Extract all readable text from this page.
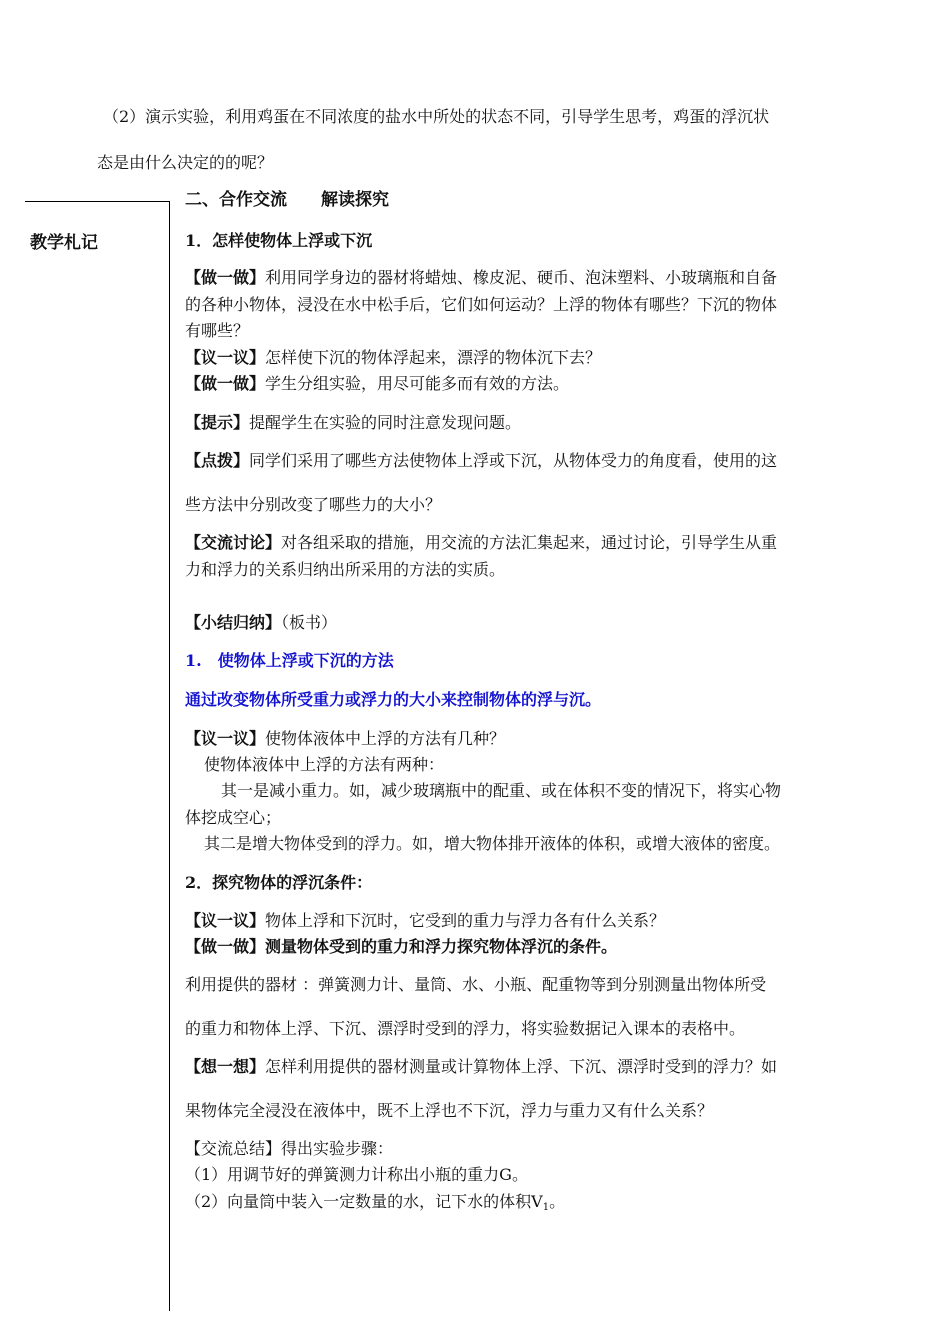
（2）演示实验，利用鸡蛋在不同浓度的盐水中所处的状态不同，引导学生思考，鸡蛋的浮沉状
态是由什么决定的的呢？
教学札记
二、合作交流　　解读探究
1．怎样使物体上浮或下沉
【做一做】利用同学身边的器材将蜡烛、橡皮泥、硬币、泡沫塑料、小玻璃瓶和自备
的各种小物体，浸没在水中松手后，它们如何运动？上浮的物体有哪些？下沉的物体
有哪些？
【议一议】怎样使下沉的物体浮起来，漂浮的物体沉下去？
【做一做】学生分组实验，用尽可能多而有效的方法。
【提示】提醒学生在实验的同时注意发现问题。
【点拨】同学们采用了哪些方法使物体上浮或下沉，从物体受力的角度看，使用的这
些方法中分别改变了哪些力的大小？
【交流讨论】对各组采取的措施，用交流的方法汇集起来，通过讨论，引导学生从重
力和浮力的关系归纳出所采用的方法的实质。
【小结归纳】（板书）
1.　使物体上浮或下沉的方法
通过改变物体所受重力或浮力的大小来控制物体的浮与沉。
【议一议】使物体液体中上浮的方法有几种？
使物体液体中上浮的方法有两种：
其一是减小重力。如，减少玻璃瓶中的配重、或在体积不变的情况下，将实心物
体挖成空心；
其二是增大物体受到的浮力。如，增大物体排开液体的体积，或增大液体的密度。
2．探究物体的浮沉条件：
【议一议】物体上浮和下沉时，它受到的重力与浮力各有什么关系？
【做一做】测量物体受到的重力和浮力探究物体浮沉的条件。
利用提供的器材 ：弹簧测力计、量筒、水、小瓶、配重物等到分别测量出物体所受
的重力和物体上浮、下沉、漂浮时受到的浮力，将实验数据记入课本的表格中。
【想一想】怎样利用提供的器材测量或计算物体上浮、下沉、漂浮时受到的浮力？如
果物体完全浸没在液体中，既不上浮也不下沉，浮力与重力又有什么关系？
【交流总结】得出实验步骤：
（1）用调节好的弹簧测力计称出小瓶的重力G。
（2）向量筒中装入一定数量的水，记下水的体积$V_1$。
